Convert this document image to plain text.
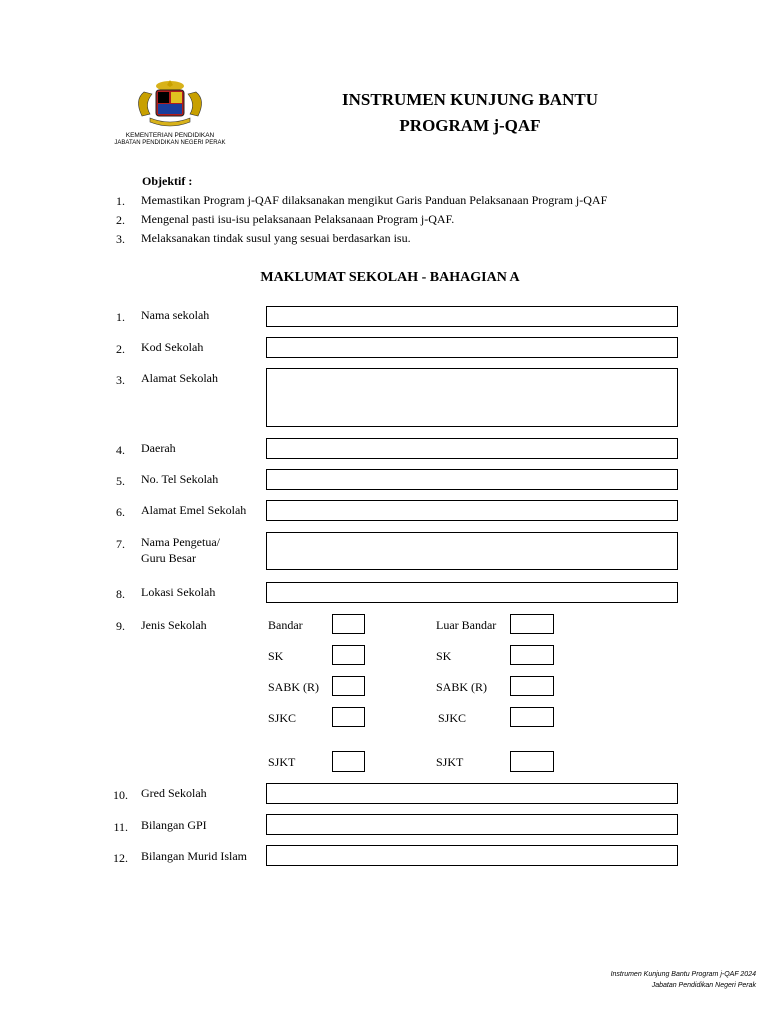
KEMENTERIAN PENDIDIKAN
JABATAN PENDIDIKAN NEGERI PERAK
INSTRUMEN KUNJUNG BANTU
PROGRAM j-QAF
Objektif :
1. Memastikan Program j-QAF dilaksanakan mengikut Garis Panduan Pelaksanaan Program j-QAF
2. Mengenal pasti isu-isu pelaksanaan Pelaksanaan Program j-QAF.
3. Melaksanakan tindak susul yang sesuai berdasarkan isu.
MAKLUMAT SEKOLAH - BAHAGIAN A
1. Nama sekolah
2. Kod Sekolah
3. Alamat Sekolah
4. Daerah
5. No. Tel Sekolah
6. Alamat Emel Sekolah
7. Nama Pengetua/
Guru Besar
8. Lokasi Sekolah
9. Jenis Sekolah	Bandar
SK
SABK (R)
SJKC
SJKT
Luar Bandar
SK
SABK (R)
SJKC
SJKT
10. Gred Sekolah
11. Bilangan GPI
12. Bilangan Murid Islam
Instrumen Kunjung Bantu Program j-QAF 2024
Jabatan Pendidikan Negeri Perak
